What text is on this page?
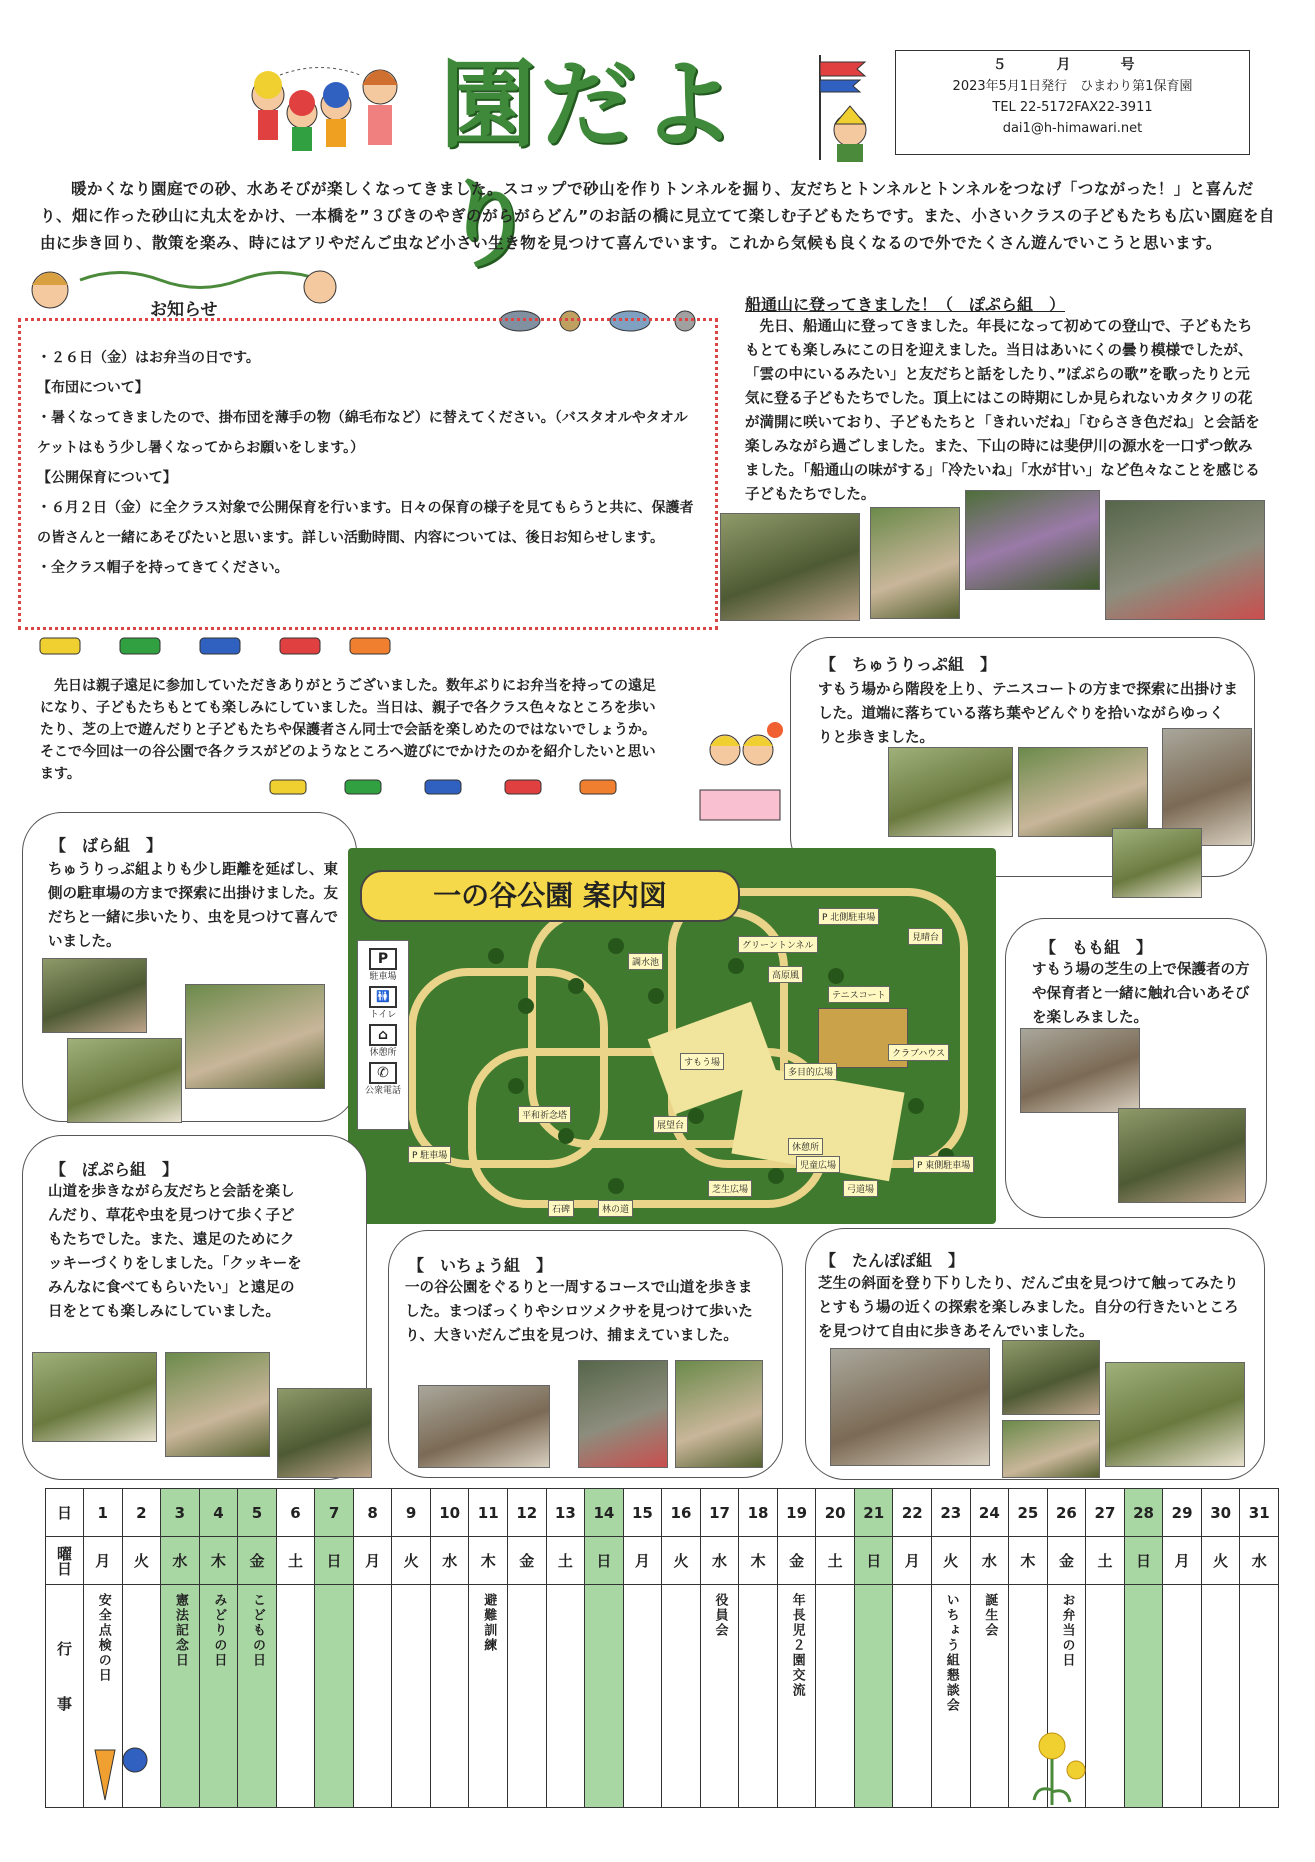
園だより
５　月　号
2023年5月1日発行　ひまわり第1保育園
TEL 22-5172FAX22-3911
dai1@h-himawari.net

暖かくなり園庭での砂、水あそびが楽しくなってきました。スコップで砂山を作りトンネルを掘り、友だちとトンネルとトンネルをつなげ「つながった！」と喜んだり、畑に作った砂山に丸太をかけ、一本橋を”３びきのやぎのがらがらどん”のお話の橋に見立てて楽しむ子どもたちです。また、小さいクラスの子どもたちも広い園庭を自由に歩き回り、散策を楽み、時にはアリやだんご虫など小さい生き物を見つけて喜んでいます。これから気候も良くなるので外でたくさん遊んでいこうと思います。

お知らせ
・２６日（金）はお弁当の日です。
【布団について】
・暑くなってきましたので、掛布団を薄手の物（綿毛布など）に替えてください。（バスタオルやタオルケットはもう少し暑くなってからお願いをします。）
【公開保育について】
・６月２日（金）に全クラス対象で公開保育を行います。日々の保育の様子を見てもらうと共に、保護者の皆さんと一緒にあそびたいと思います。詳しい活動時間、内容については、後日お知らせします。
・全クラス帽子を持ってきてください。
船通山に登ってきました！（　ぽぷら組　）
先日、船通山に登ってきました。年長になって初めての登山で、子どもたちもとても楽しみにこの日を迎えました。当日はあいにくの曇り模様でしたが、「雲の中にいるみたい」と友だちと話をしたり、”ぽぷらの歌”を歌ったりと元気に登る子どもたちでした。頂上にはこの時期にしか見られないカタクリの花が満開に咲いており、子どもたちと「きれいだね」「むらさき色だね」と会話を楽しみながら過ごしました。また、下山の時には斐伊川の源水を一口ずつ飲みました。「船通山の味がする」「冷たいね」「水が甘い」など色々なことを感じる子どもたちでした。
先日は親子遠足に参加していただきありがとうございました。数年ぶりにお弁当を持っての遠足になり、子どもたちもとても楽しみにしていました。当日は、親子で各クラス色々なところを歩いたり、芝の上で遊んだりと子どもたちや保護者さん同士で会話を楽しめたのではないでしょうか。そこで今回は一の谷公園で各クラスがどのようなところへ遊びにでかけたのかを紹介したいと思います。
【　ちゅうりっぷ組　】
すもう場から階段を上り、テニスコートの方まで探索に出掛けました。道端に落ちている落ち葉やどんぐりを拾いながらゆっくりと歩きました。
【　ばら組　】
ちゅうりっぷ組よりも少し距離を延ばし、東側の駐車場の方まで探索に出掛けました。友だちと一緒に歩いたり、虫を見つけて喜んでいました。
一の谷公園 案内図
P 北側駐車場
グリーントンネル
調水池
見晴台
高原風
テニスコート
クラブハウス
すもう場
多目的広場
展望台
平和祈念塔
P 駐車場
休憩所
児童広場	P 東側駐車場
芝生広場
石碑	林の道
弓道場
P
駐車場
🚻
トイレ
⌂
休憩所
✆
公衆電話
【　もも組　】
すもう場の芝生の上で保護者の方や保育者と一緒に触れ合いあそびを楽しみました。
【　ぽぷら組　】
山道を歩きながら友だちと会話を楽しんだり、草花や虫を見つけて歩く子どもたちでした。また、遠足のためにクッキーづくりをしました。「クッキーをみんなに食べてもらいたい」と遠足の日をとても楽しみにしていました。
【　いちょう組　】
一の谷公園をぐるりと一周するコースで山道を歩きました。まつぼっくりやシロツメクサを見つけて歩いたり、大きいだんご虫を見つけ、捕まえていました。
【　たんぽぽ組　】
芝生の斜面を登り下りしたり、だんご虫を見つけて触ってみたりとすもう場の近くの探索を楽しみました。自分の行きたいところを見つけて自由に歩きあそんでいました。
日	1	2	3	4	5	6	7	8	9	10	11	12	13	14	15	16	17	18	19	20	21	22	23	24	25	26	27	28	29	30	31

曜日	月	火	水	木	金	土	日	月	火	水	木	金	土	日	月	火	水	木	金	土	日	月	火	水	木	金	土	日	月	火	水

行事	安全点検の日		憲法記念日	みどりの日	こどもの日						避難訓練						役員会		年長児２園交流				いちょう組懇談会	誕生会		お弁当の日					
